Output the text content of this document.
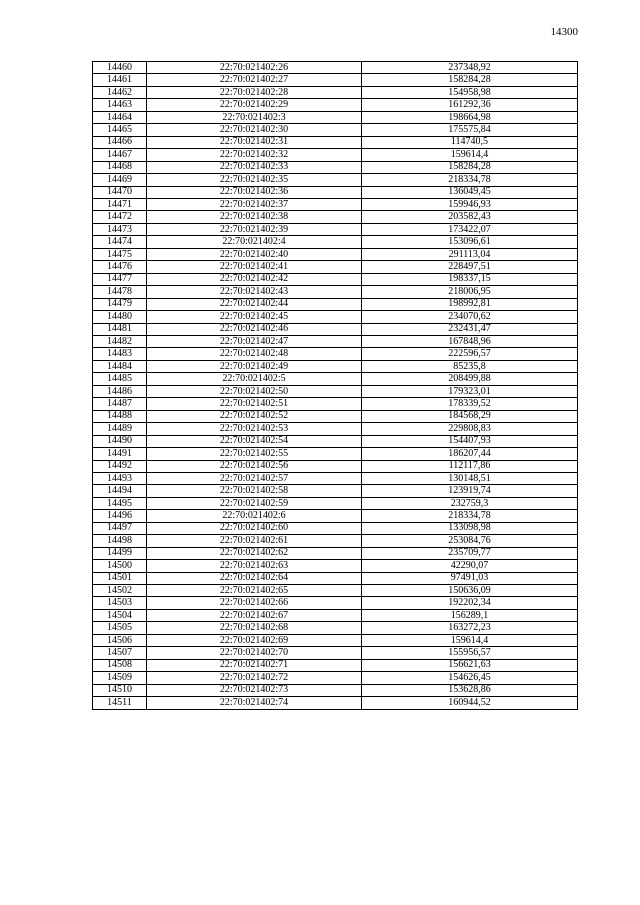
14300
14460	22:70:021402:26	237348,92
14461	22:70:021402:27	158284,28
14462	22:70:021402:28	154958,98
14463	22:70:021402:29	161292,36
14464	22:70:021402:3	198664,98
14465	22:70:021402:30	175575,84
14466	22:70:021402:31	114740,5
14467	22:70:021402:32	159614,4
14468	22:70:021402:33	158284,28
14469	22:70:021402:35	218334,78
14470	22:70:021402:36	136049,45
14471	22:70:021402:37	159946,93
14472	22:70:021402:38	203582,43
14473	22:70:021402:39	173422,07
14474	22:70:021402:4	153096,61
14475	22:70:021402:40	291113,04
14476	22:70:021402:41	228497,51
14477	22:70:021402:42	198337,15
14478	22:70:021402:43	218006,95
14479	22:70:021402:44	198992,81
14480	22:70:021402:45	234070,62
14481	22:70:021402:46	232431,47
14482	22:70:021402:47	167848,96
14483	22:70:021402:48	222596,57
14484	22:70:021402:49	85235,8
14485	22:70:021402:5	208499,88
14486	22:70:021402:50	179323,01
14487	22:70:021402:51	178339,52
14488	22:70:021402:52	184568,29
14489	22:70:021402:53	229808,83
14490	22:70:021402:54	154407,93
14491	22:70:021402:55	186207,44
14492	22:70:021402:56	112117,86
14493	22:70:021402:57	130148,51
14494	22:70:021402:58	123919,74
14495	22:70:021402:59	232759,3
14496	22:70:021402:6	218334,78
14497	22:70:021402:60	133098,98
14498	22:70:021402:61	253084,76
14499	22:70:021402:62	235709,77
14500	22:70:021402:63	42290,07
14501	22:70:021402:64	97491,03
14502	22:70:021402:65	150636,09
14503	22:70:021402:66	192202,34
14504	22:70:021402:67	156289,1
14505	22:70:021402:68	163272,23
14506	22:70:021402:69	159614,4
14507	22:70:021402:70	155956,57
14508	22:70:021402:71	156621,63
14509	22:70:021402:72	154626,45
14510	22:70:021402:73	153628,86
14511	22:70:021402:74	160944,52
